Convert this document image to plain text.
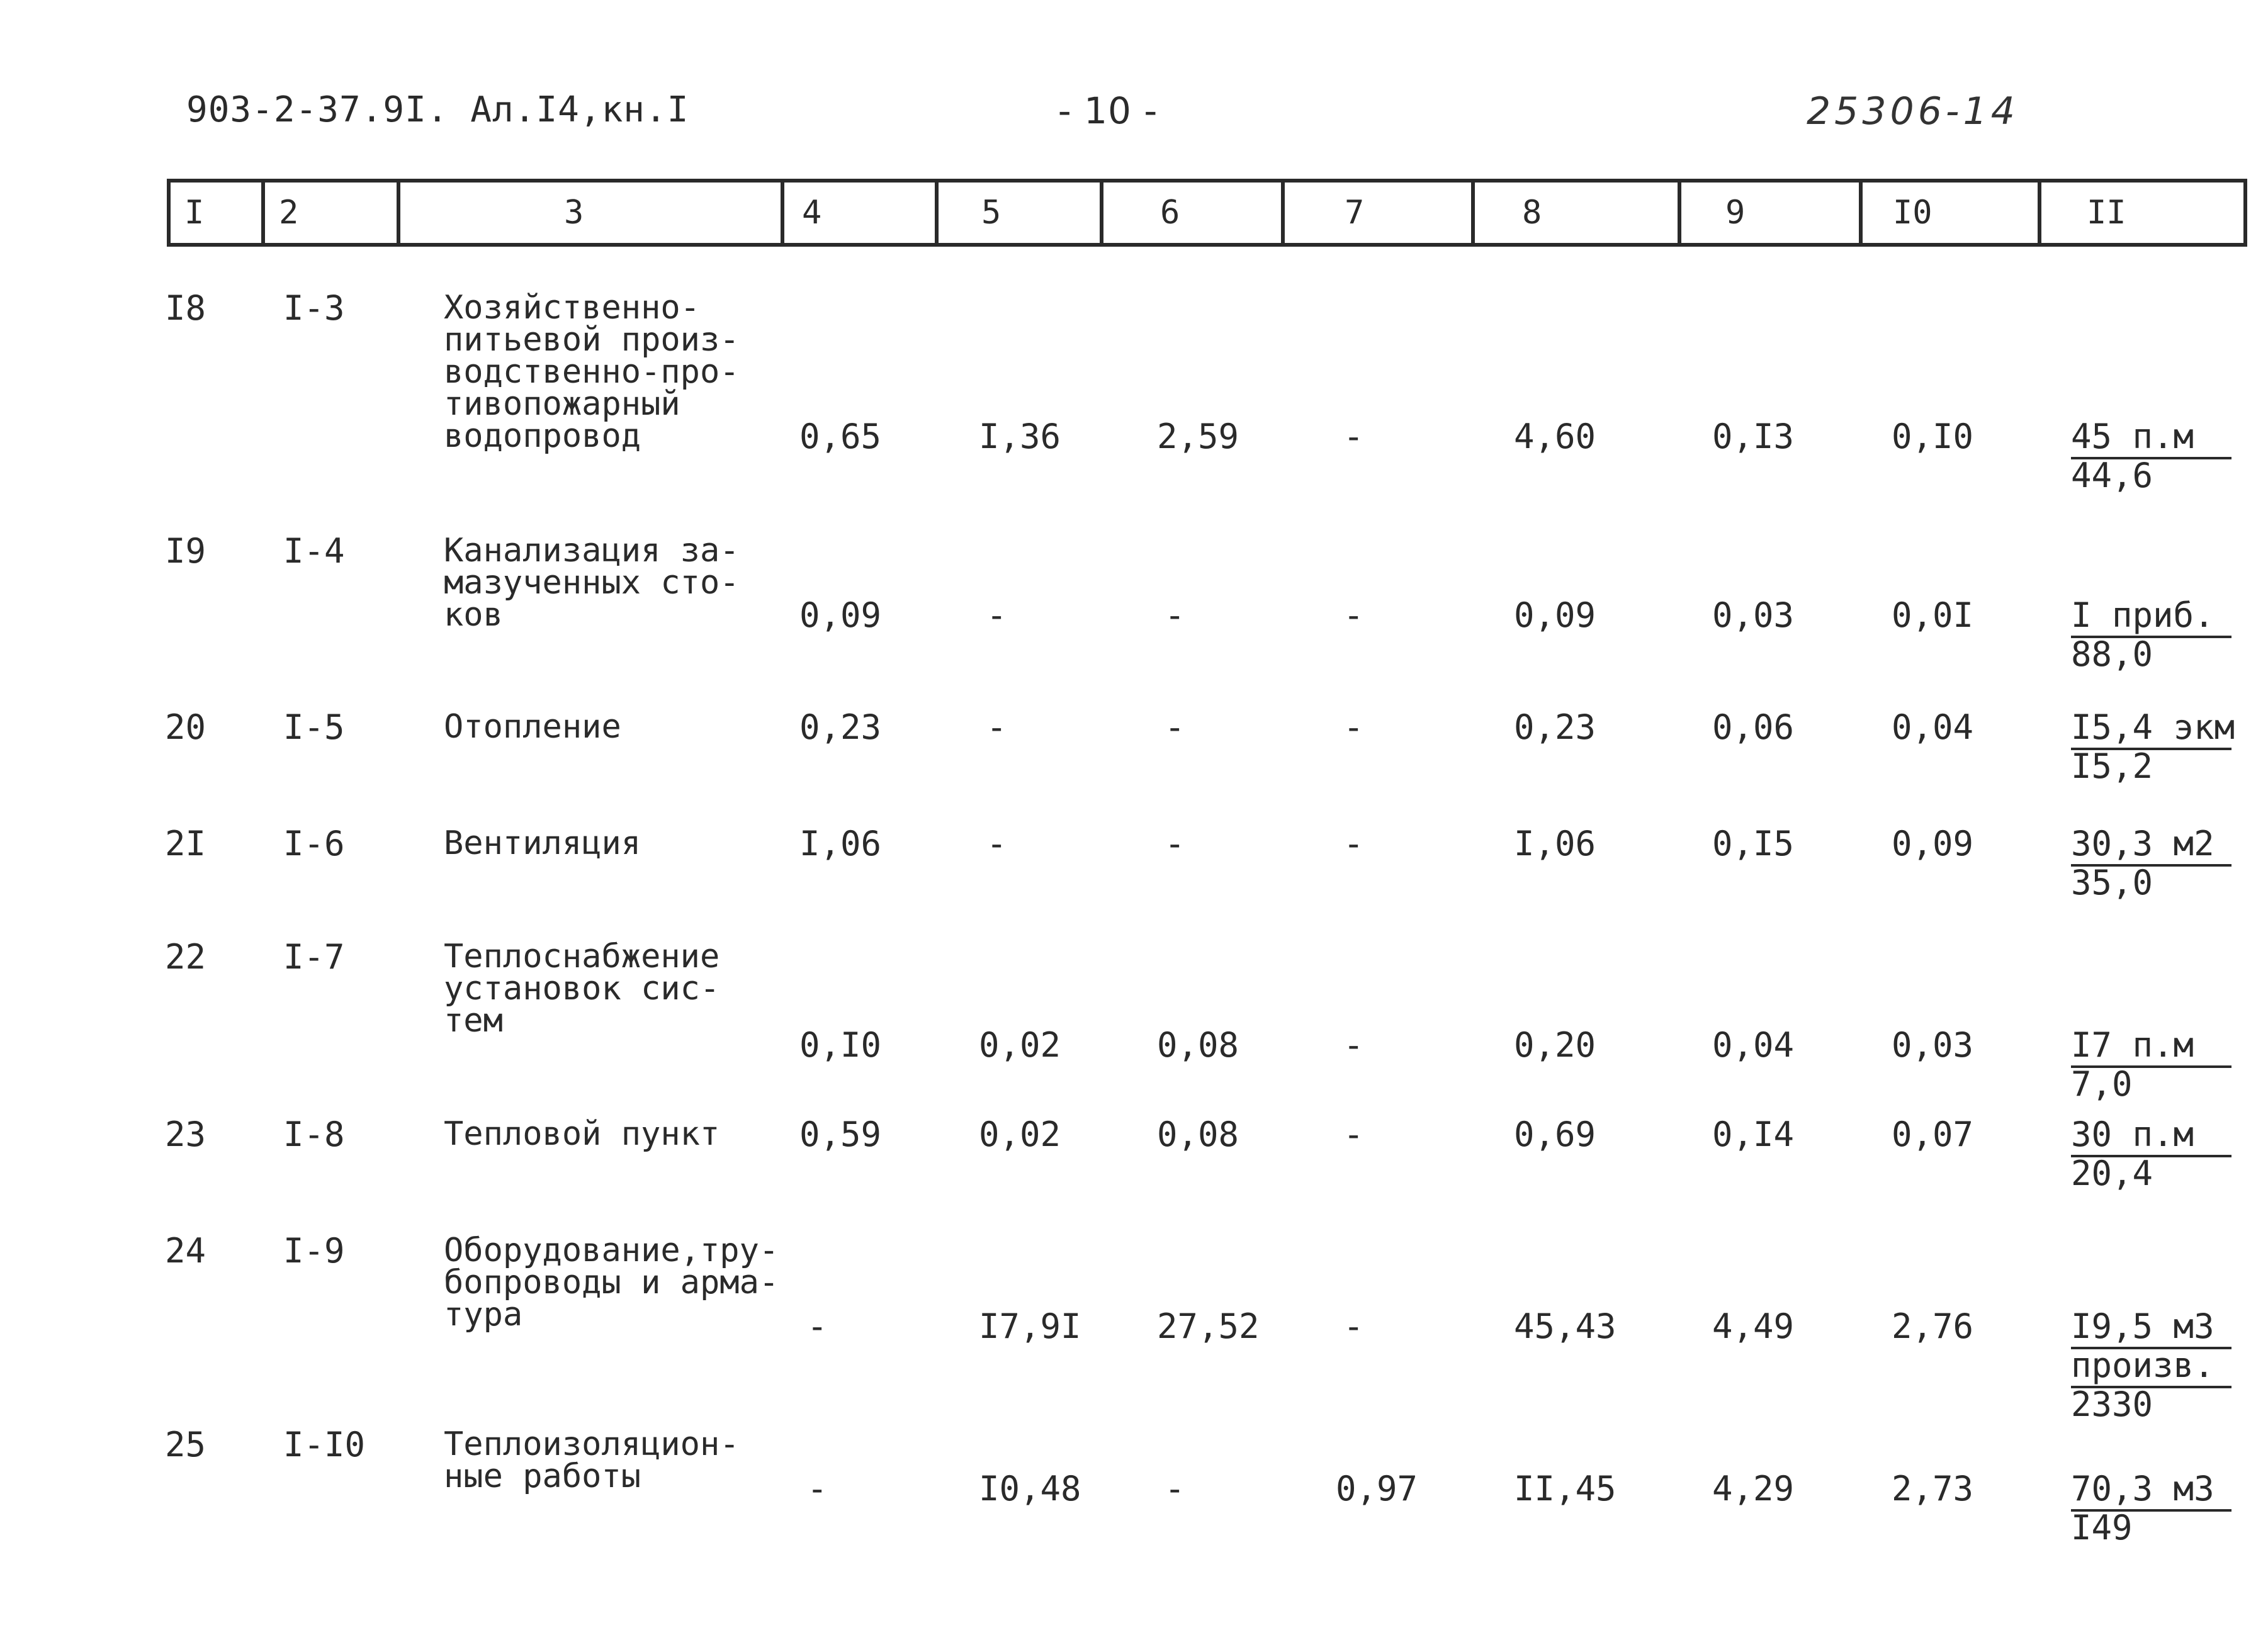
903-2-37.9I. Ал.I4,кн.I	- 10 -	25306-14
I 2	3	4	5	6	7	8	9	I0	II
I8 I-3	Хозяйственно-
питьевой произ-
водственно-про-
тивопожарный
водопровод	0,65	I,36	2,59	-	4,60	0,I3	0,I0	45 п.м
44,6
I9 I-4	Канализация за-
мазученных сто-
ков	0,09	-	-	-	0,09	0,03	0,0I	I приб.
88,0
20 I-5	Отопление	0,23	-	-	-	0,23	0,06	0,04	I5,4 экм
I5,2
2I I-6	Вентиляция	I,06	-	-	-	I,06	0,I5	0,09	30,3 м2
35,0
22 I-7	Теплоснабжение
установок сис-
тем
0,I0	0,02	0,08	-	0,20	0,04	0,03	I7 п.м
7,0
23 I-8	Тепловой пункт 0,59	0,02	0,08	-	0,69	0,I4	0,07	30 п.м
20,4
24 I-9	Оборудование,тру-
бопроводы и арма-
тура	-	I7,9I 27,52 -	45,43	4,49	2,76	I9,5 м3
произв.
2330
25 I-I0 Теплоизоляцион-
ные работы	-	I0,48 -	0,97	II,45	4,29	2,73	70,3 м3
I49
